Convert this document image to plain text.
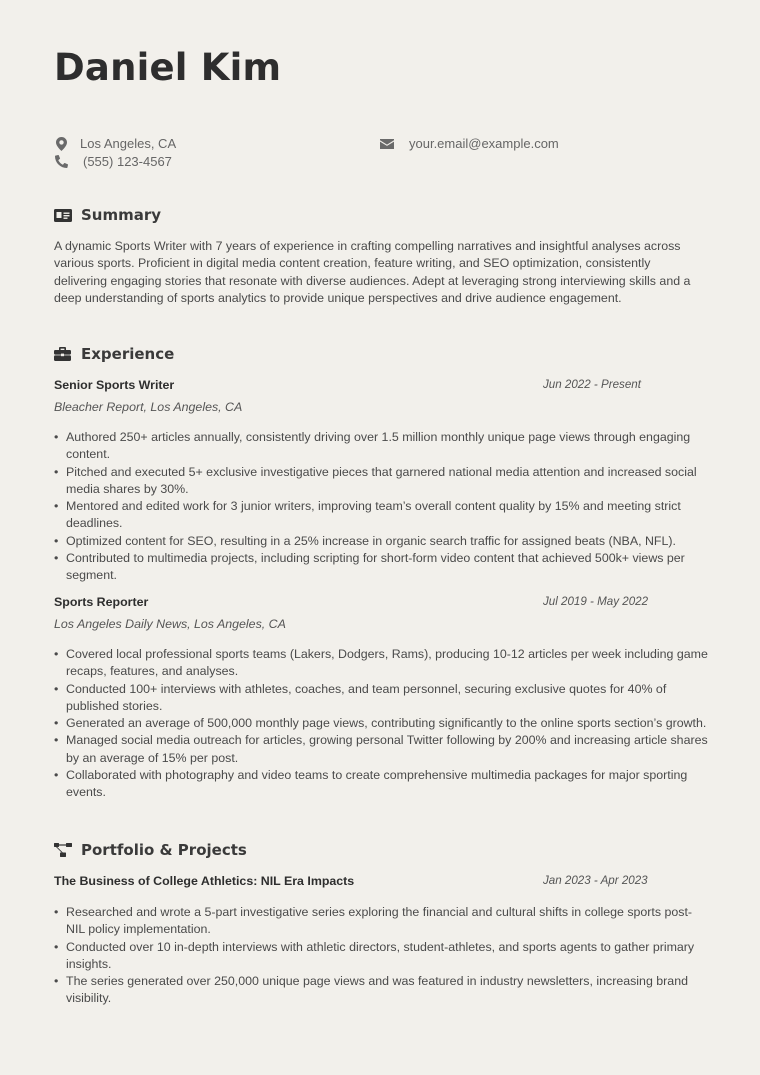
Daniel Kim
Los Angeles, CA
(555) 123-4567
your.email@example.com
Summary
A dynamic Sports Writer with 7 years of experience in crafting compelling narratives and insightful analyses across various sports. Proficient in digital media content creation, feature writing, and SEO optimization, consistently delivering engaging stories that resonate with diverse audiences. Adept at leveraging strong interviewing skills and a deep understanding of sports analytics to provide unique perspectives and drive audience engagement.
Experience
Senior Sports Writer	Jun 2022 - Present
Bleacher Report, Los Angeles, CA
• Authored 250+ articles annually, consistently driving over 1.5 million monthly unique page views through engaging content.
• Pitched and executed 5+ exclusive investigative pieces that garnered national media attention and increased social media shares by 30%.
• Mentored and edited work for 3 junior writers, improving team’s overall content quality by 15% and meeting strict deadlines.
• Optimized content for SEO, resulting in a 25% increase in organic search traffic for assigned beats (NBA, NFL).
• Contributed to multimedia projects, including scripting for short-form video content that achieved 500k+ views per segment.
Sports Reporter	Jul 2019 - May 2022
Los Angeles Daily News, Los Angeles, CA
• Covered local professional sports teams (Lakers, Dodgers, Rams), producing 10-12 articles per week including game recaps, features, and analyses.
• Conducted 100+ interviews with athletes, coaches, and team personnel, securing exclusive quotes for 40% of published stories.
• Generated an average of 500,000 monthly page views, contributing significantly to the online sports section’s growth.
• Managed social media outreach for articles, growing personal Twitter following by 200% and increasing article shares by an average of 15% per post.
• Collaborated with photography and video teams to create comprehensive multimedia packages for major sporting events.
Portfolio & Projects
The Business of College Athletics: NIL Era Impacts	Jan 2023 - Apr 2023
• Researched and wrote a 5-part investigative series exploring the financial and cultural shifts in college sports post-NIL policy implementation.
• Conducted over 10 in-depth interviews with athletic directors, student-athletes, and sports agents to gather primary insights.
• The series generated over 250,000 unique page views and was featured in industry newsletters, increasing brand visibility.
